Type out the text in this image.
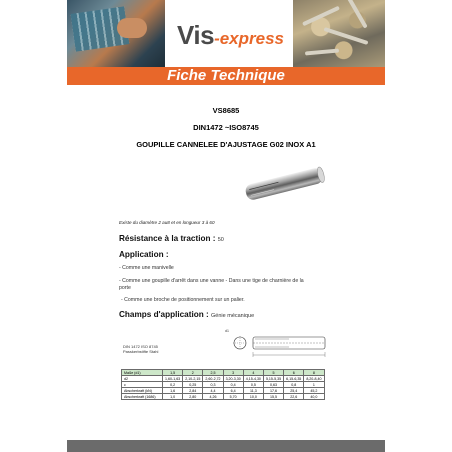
Vis-express
Fiche Technique
VS8685
DIN1472 ~ISO8745
GOUPILLE CANNELEE D'AJUSTAGE G02 INOX A1
Existe du diamètre 2 au8 et en longueur 3 à 60
Résistance à la traction : 50
Application :
- Comme une manivelle
- Comme une goupille d'arrêt dans une vanne - Dans une tige de charnière de la porte
- Comme une broche de positionnement sur un palier.
Champs d'application : Génie mécanique
DIN 1472 ISO 8745
Passkerbstifte Stahl
d1
Maße (d1)	1,5	2	2,5	3	4	5	6	8
d2	1,60-1,63	2,10-2,15	2,60-2,72	3,20-3,30	4,15-4,30	5,15-5,35	6,15-6,35	8,20-8,40
c	0,2	0,25	0,3	0,4	0,5	0,63	0,8	1
Abscherkraft (kN)	1,6	2,84	4,4	6,4	11,3	17,6	25,4	45,2
Abscherkraft (1686)	1,0	2,80	4,26	5,70	10,0	15,5	22,6	40,0
